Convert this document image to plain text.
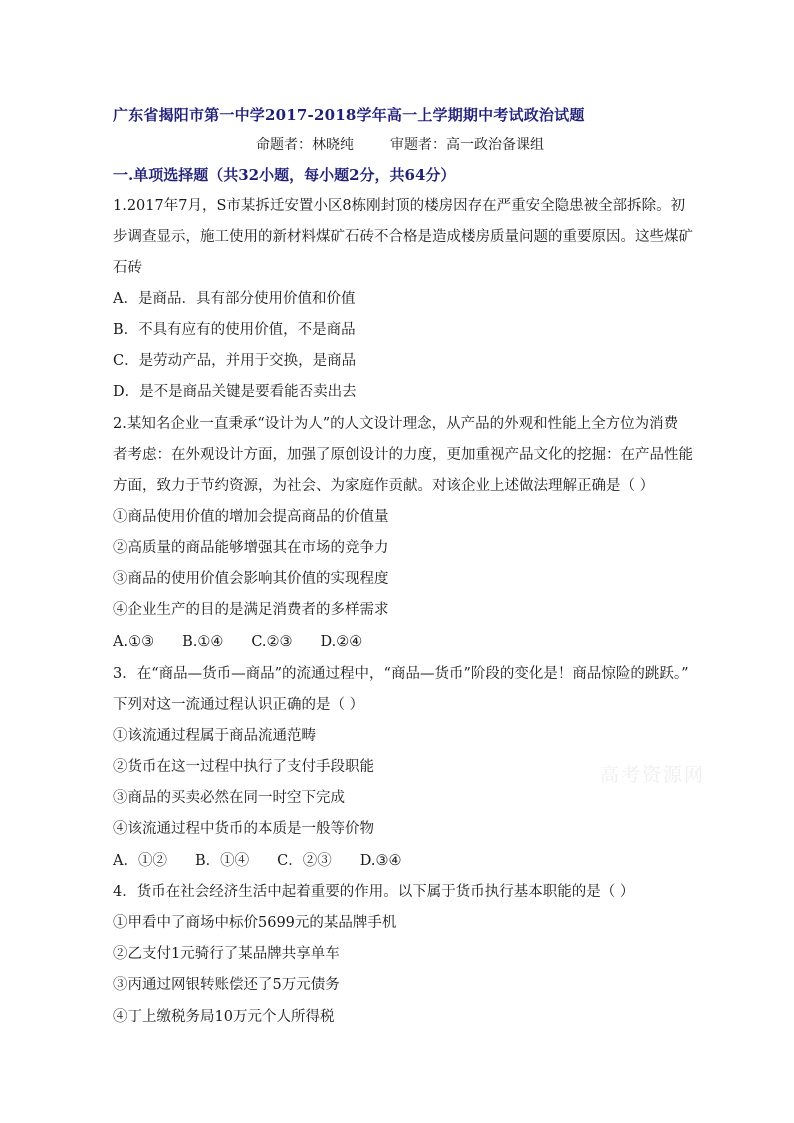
广东省揭阳市第一中学2017-2018学年高一上学期期中考试政治试题
命题者：林晓纯	审题者：高一政治备课组
一.单项选择题（共32小题，每小题2分，共64分）
1.2017年7月，S市某拆迁安置小区8栋刚封顶的楼房因存在严重安全隐患被全部拆除。初
步调查显示，施工使用的新材料煤矿石砖不合格是造成楼房质量问题的重要原因。这些煤矿
石砖
A．是商品．具有部分使用价值和价值
B．不具有应有的使用价值，不是商品
C．是劳动产品，并用于交换，是商品
D．是不是商品关键是要看能否卖出去
2.某知名企业一直秉承“设计为人”的人文设计理念，从产品的外观和性能上全方位为消费
者考虑：在外观设计方面，加强了原创设计的力度，更加重视产品文化的挖掘：在产品性能
方面，致力于节约资源，为社会、为家庭作贡献。对该企业上述做法理解正确是（ ）
①商品使用价值的增加会提高商品的价值量
②高质量的商品能够增强其在市场的竞争力
③商品的使用价值会影响其价值的实现程度
④企业生产的目的是满足消费者的多样需求
A.①③ B.①④ C.②③ D.②④
3．在“商品—货币—商品”的流通过程中，“商品—货币”阶段的变化是！商品惊险的跳跃。”
下列对这一流通过程认识正确的是（ ）
①该流通过程属于商品流通范畴
②货币在这一过程中执行了支付手段职能
③商品的买卖必然在同一时空下完成
④该流通过程中货币的本质是一般等价物
A．①② B．①④ C．②③ D.③④
4．货币在社会经济生活中起着重要的作用。以下属于货币执行基本职能的是（ ）
①甲看中了商场中标价5699元的某品牌手机
②乙支付1元骑行了某品牌共享单车
③丙通过网银转账偿还了5万元债务
④丁上缴税务局10万元个人所得税
高考资源网
